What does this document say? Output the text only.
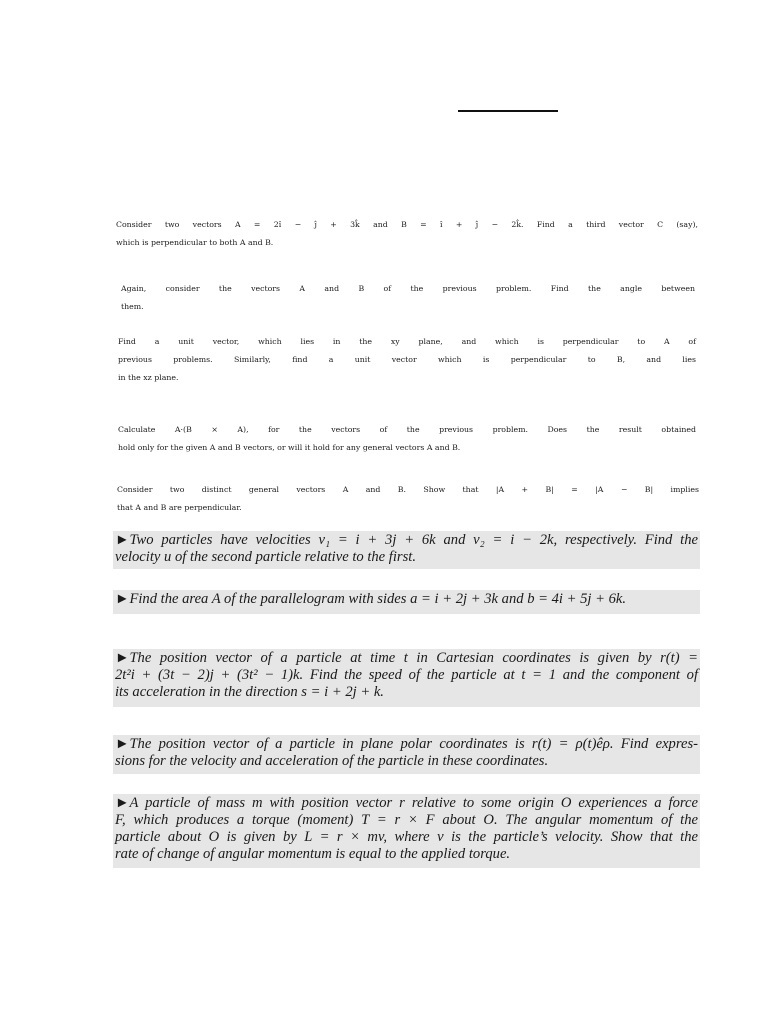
Consider two vectors A = 2î − ĵ + 3k̂ and B = î + ĵ − 2k̂. Find a third vector C (say),
which is perpendicular to both A and B.
Again, consider the vectors A and B of the previous problem. Find the angle between
them.
Find a unit vector, which lies in the xy plane, and which is perpendicular to A of
previous problems. Similarly, find a unit vector which is perpendicular to B, and lies
in the xz plane.
Calculate A·(B × A), for the vectors of the previous problem. Does the result obtained
hold only for the given A and B vectors, or will it hold for any general vectors A and B.
Consider two distinct general vectors A and B. Show that |A + B| = |A − B| implies
that A and B are perpendicular.
►Two particles have velocities v₁ = i + 3j + 6k and v₂ = i − 2k, respectively. Find the
velocity u of the second particle relative to the first.
►Find the area A of the parallelogram with sides a = i + 2j + 3k and b = 4i + 5j + 6k.
►The position vector of a particle at time t in Cartesian coordinates is given by r(t) =
2t²i + (3t − 2)j + (3t² − 1)k. Find the speed of the particle at t = 1 and the component of
its acceleration in the direction s = i + 2j + k.
►The position vector of a particle in plane polar coordinates is r(t) = ρ(t)êρ. Find expres-
sions for the velocity and acceleration of the particle in these coordinates.
►A particle of mass m with position vector r relative to some origin O experiences a force
F, which produces a torque (moment) T = r × F about O. The angular momentum of the
particle about O is given by L = r × mv, where v is the particle’s velocity. Show that the
rate of change of angular momentum is equal to the applied torque.
